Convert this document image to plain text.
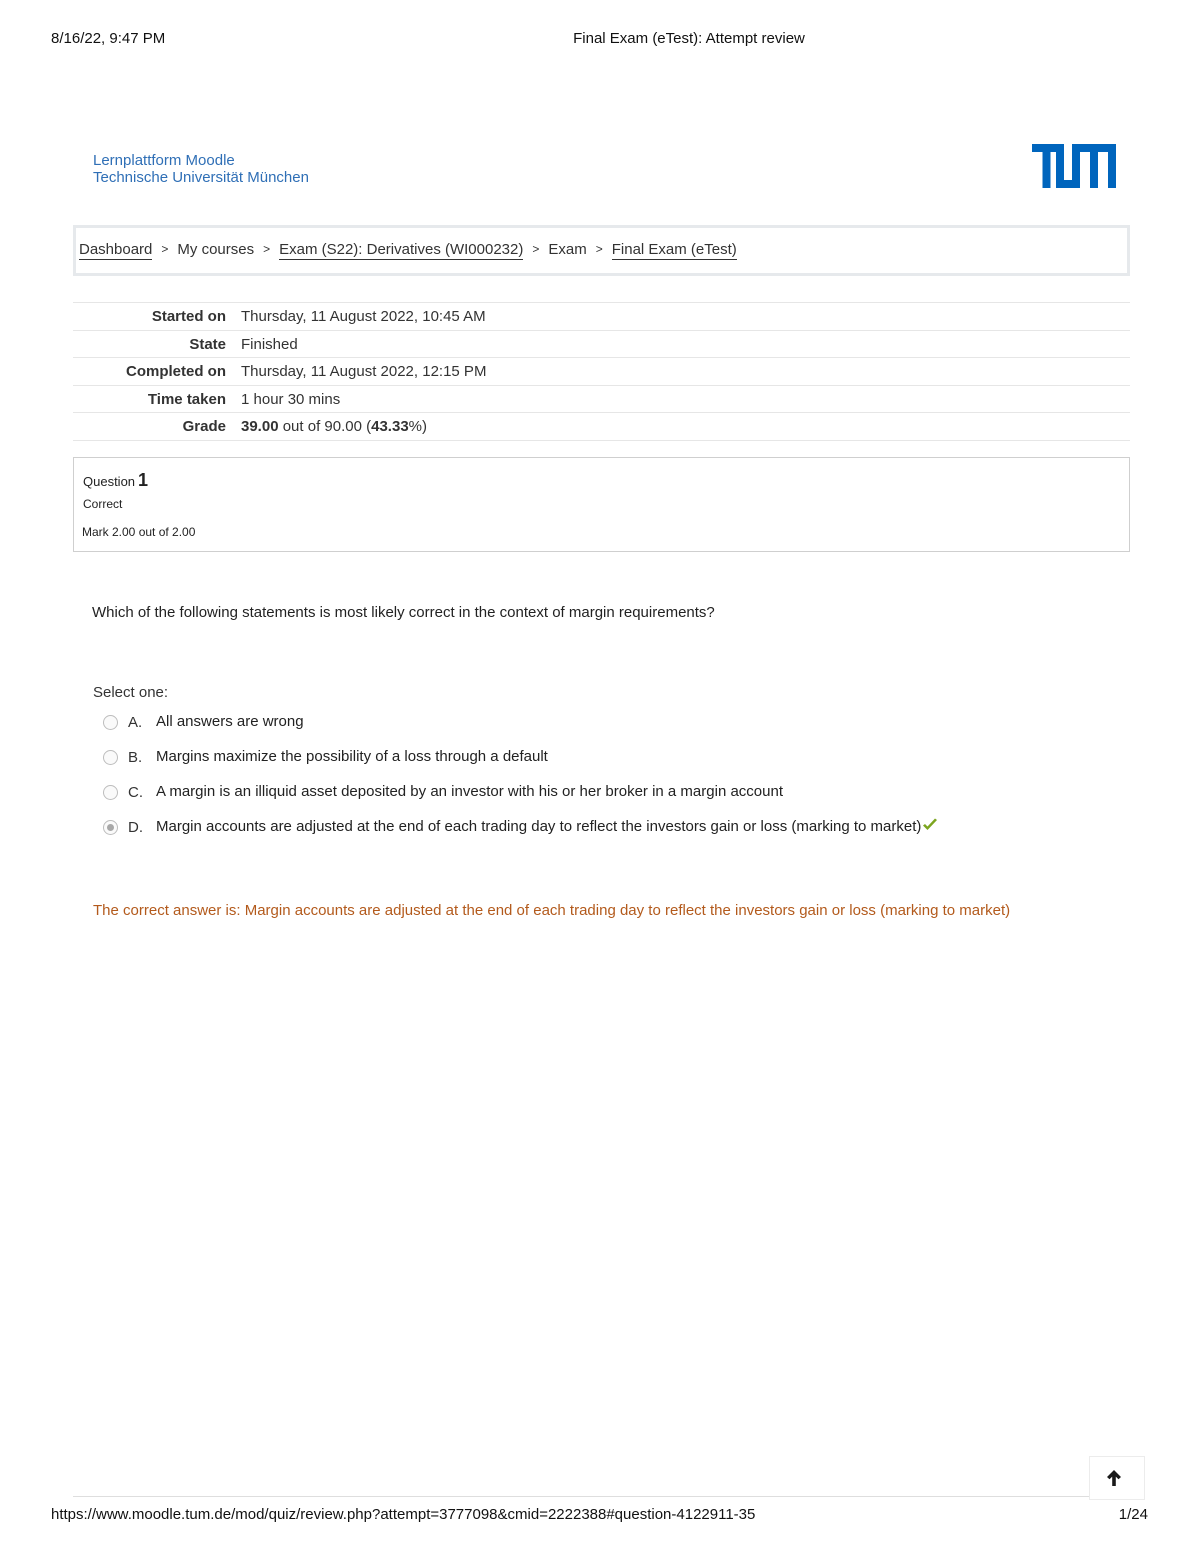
8/16/22, 9:47 PM	Final Exam (eTest): Attempt review
Lernplattform Moodle
Technische Universität München
Dashboard > My courses > Exam (S22): Derivatives (WI000232) > Exam > Final Exam (eTest)
Started on Thursday, 11 August 2022, 10:45 AM
State Finished
Completed on Thursday, 11 August 2022, 12:15 PM
Time taken 1 hour 30 mins
Grade 39.00 out of 90.00 (43.33%)
Question 1
Correct
Mark 2.00 out of 2.00
Which of the following statements is most likely correct in the context of margin requirements?
Select one:
A. All answers are wrong
B. Margins maximize the possibility of a loss through a default
C. A margin is an illiquid asset deposited by an investor with his or her broker in a margin account
D. Margin accounts are adjusted at the end of each trading day to reflect the investors gain or loss (marking to market)
The correct answer is: Margin accounts are adjusted at the end of each trading day to reflect the investors gain or loss (marking to market)
https://www.moodle.tum.de/mod/quiz/review.php?attempt=3777098&cmid=2222388#question-4122911-35	1/24
